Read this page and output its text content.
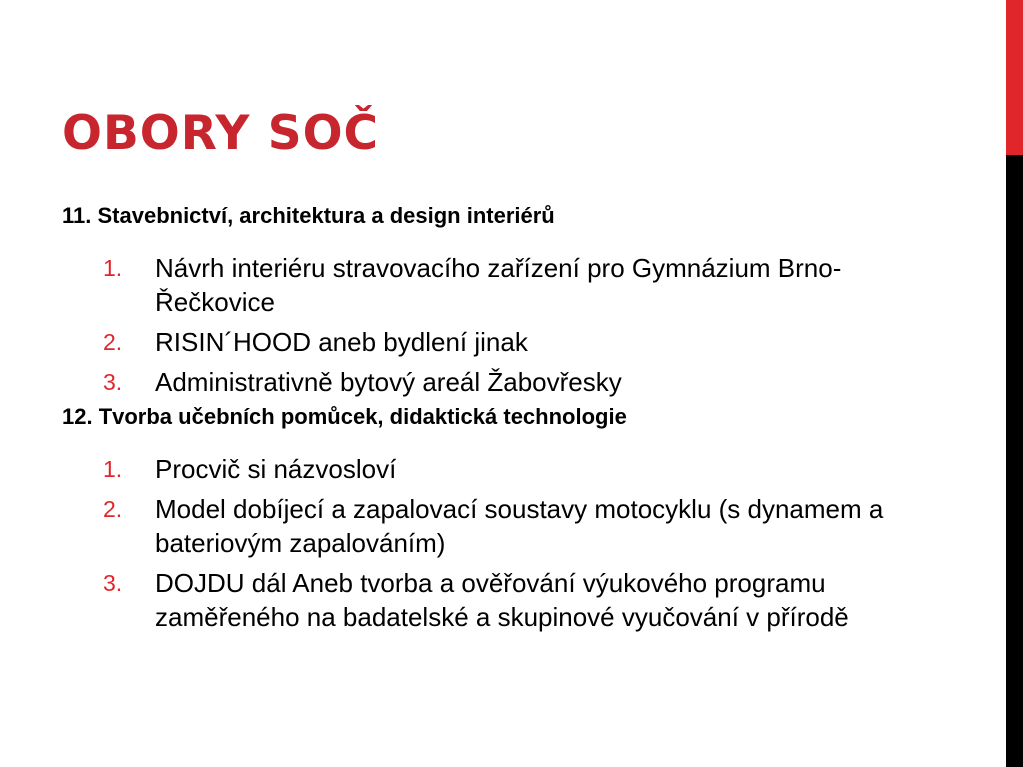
OBORY SOČ
11. Stavebnictví, architektura a design interiérů
1. Návrh interiéru stravovacího zařízení pro Gymnázium Brno-Řečkovice
2. RISIN´HOOD aneb bydlení jinak
3. Administrativně bytový areál Žabovřesky
12. Tvorba učebních pomůcek, didaktická technologie
1. Procvič si názvosloví
2. Model dobíjecí a zapalovací soustavy motocyklu (s dynamem a bateriovým zapalováním)
3. DOJDU dál Aneb tvorba a ověřování výukového programu zaměřeného na badatelské a skupinové vyučování v přírodě
